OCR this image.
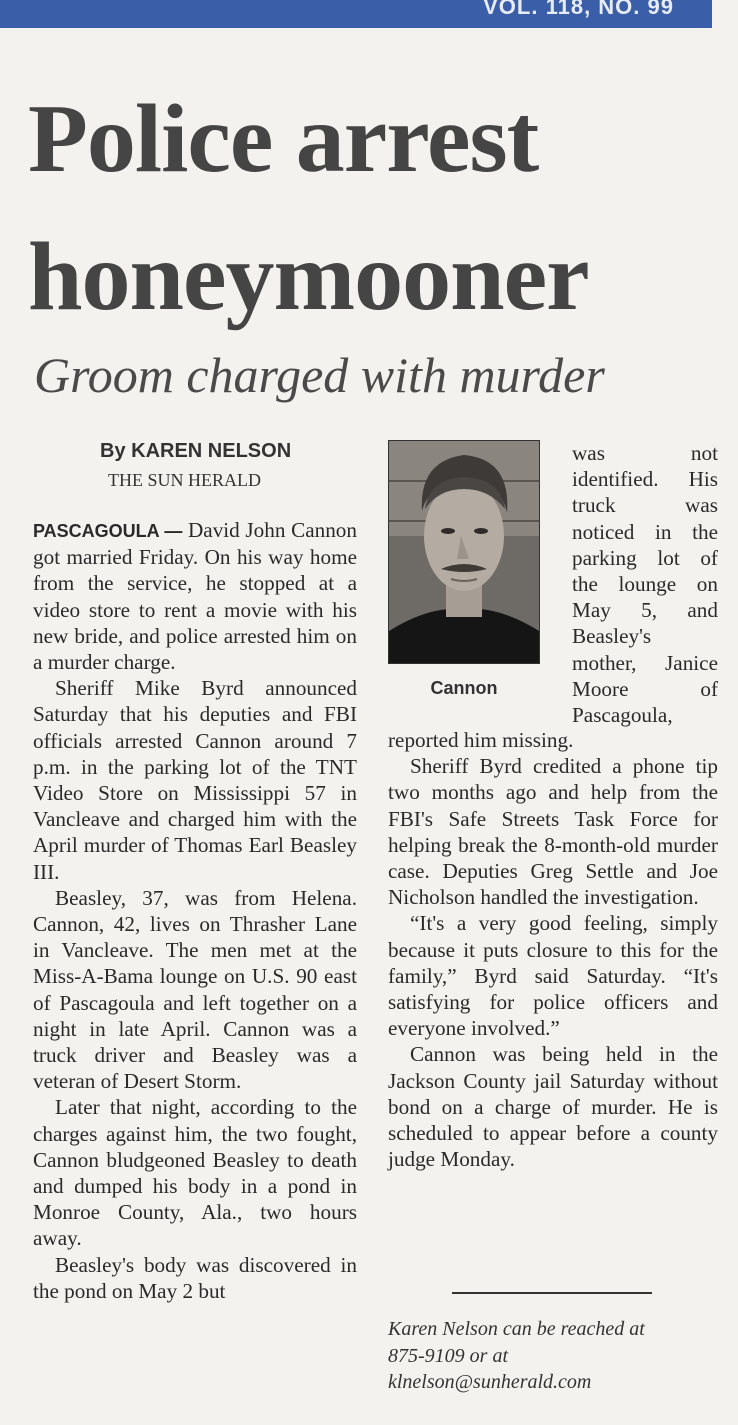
VOL. 118, NO. 99
Police arrest
honeymooner
Groom charged with murder
By KAREN NELSON
THE SUN HERALD

PASCAGOULA — David John Cannon got married Friday. On his way home from the service, he stopped at a video store to rent a movie with his new bride, and police arrested him on a murder charge.

Sheriff Mike Byrd announced Saturday that his deputies and FBI officials arrested Cannon around 7 p.m. in the parking lot of the TNT Video Store on Mississippi 57 in Vancleave and charged him with the April murder of Thomas Earl Beasley III.

Beasley, 37, was from Helena. Cannon, 42, lives on Thrasher Lane in Vancleave. The men met at the Miss-A-Bama lounge on U.S. 90 east of Pascagoula and left together on a night in late April. Cannon was a truck driver and Beasley was a veteran of Desert Storm.

Later that night, according to the charges against him, the two fought, Cannon bludgeoned Beasley to death and dumped his body in a pond in Monroe County, Ala., two hours away.

Beasley's body was discovered in the pond on May 2 but

Cannon

was not identified. His truck was noticed in the parking lot of the lounge on May 5, and Beasley's mother, Janice Moore of Pascagoula,

reported him missing.

Sheriff Byrd credited a phone tip two months ago and help from the FBI's Safe Streets Task Force for helping break the 8-month-old murder case. Deputies Greg Settle and Joe Nicholson handled the investigation.

“It's a very good feeling, simply because it puts closure to this for the family,” Byrd said Saturday. “It's satisfying for police officers and everyone involved.”

Cannon was being held in the Jackson County jail Saturday without bond on a charge of murder. He is scheduled to appear before a county judge Monday.

Karen Nelson can be reached at
875-9109 or at
klnelson@sunherald.com
